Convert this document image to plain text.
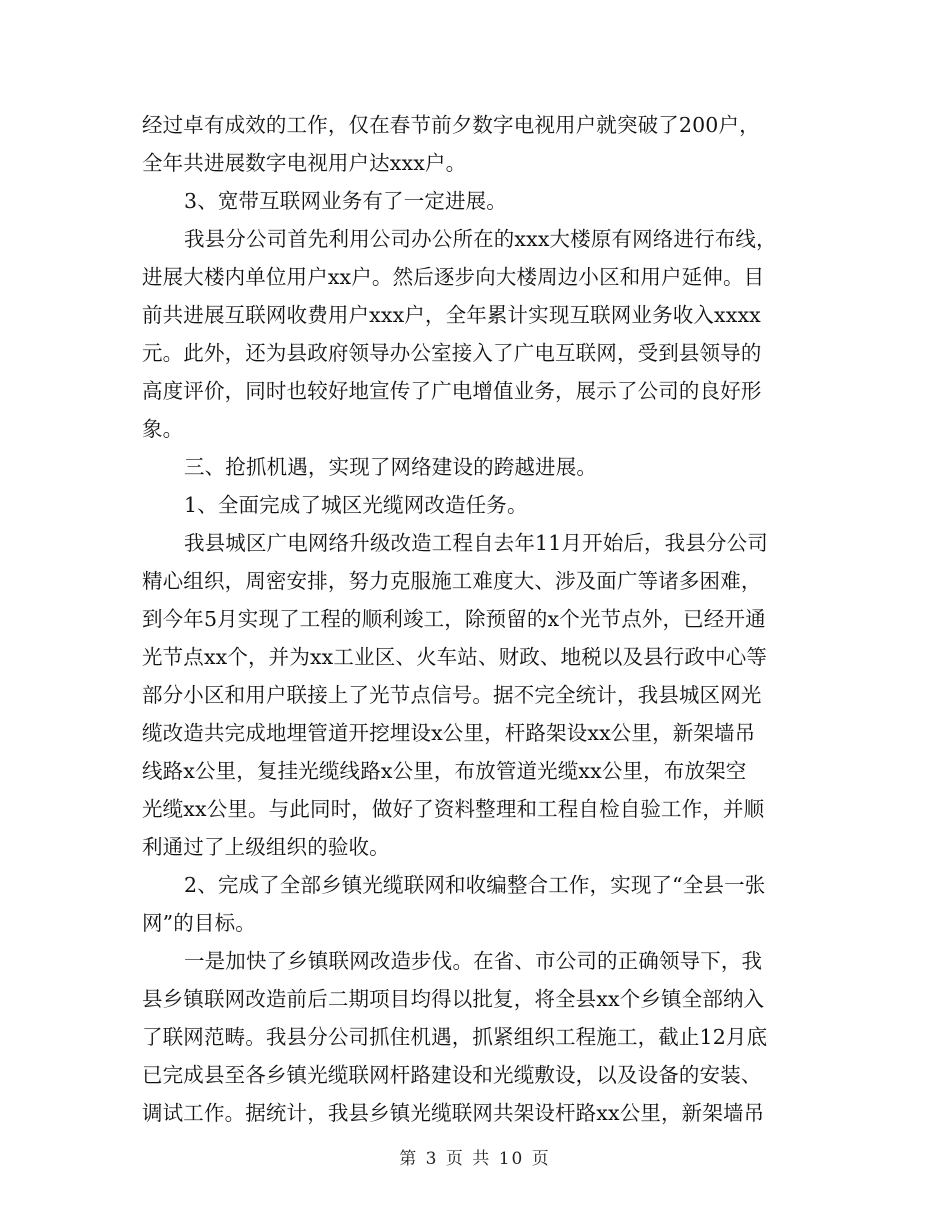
经过卓有成效的工作，仅在春节前夕数字电视用户就突破了200户，
全年共进展数字电视用户达xxx户。
3、宽带互联网业务有了一定进展。
我县分公司首先利用公司办公所在的xxx大楼原有网络进行布线，
进展大楼内单位用户xx户。然后逐步向大楼周边小区和用户延伸。目
前共进展互联网收费用户xxx户，全年累计实现互联网业务收入xxxx
元。此外，还为县政府领导办公室接入了广电互联网，受到县领导的
高度评价，同时也较好地宣传了广电增值业务，展示了公司的良好形
象。
三、抢抓机遇，实现了网络建设的跨越进展。
1、全面完成了城区光缆网改造任务。
我县城区广电网络升级改造工程自去年11月开始后，我县分公司
精心组织，周密安排，努力克服施工难度大、涉及面广等诸多困难，
到今年5月实现了工程的顺利竣工，除预留的x个光节点外，已经开通
光节点xx个，并为xx工业区、火车站、财政、地税以及县行政中心等
部分小区和用户联接上了光节点信号。据不完全统计，我县城区网光
缆改造共完成地埋管道开挖埋设x公里，杆路架设xx公里，新架墙吊
线路x公里，复挂光缆线路x公里，布放管道光缆xx公里，布放架空
光缆xx公里。与此同时，做好了资料整理和工程自检自验工作，并顺
利通过了上级组织的验收。
2、完成了全部乡镇光缆联网和收编整合工作，实现了“全县一张
网”的目标。
一是加快了乡镇联网改造步伐。在省、市公司的正确领导下，我
县乡镇联网改造前后二期项目均得以批复，将全县xx个乡镇全部纳入
了联网范畴。我县分公司抓住机遇，抓紧组织工程施工，截止12月底
已完成县至各乡镇光缆联网杆路建设和光缆敷设，以及设备的安装、
调试工作。据统计，我县乡镇光缆联网共架设杆路xx公里，新架墙吊
第 3 页 共 10 页
